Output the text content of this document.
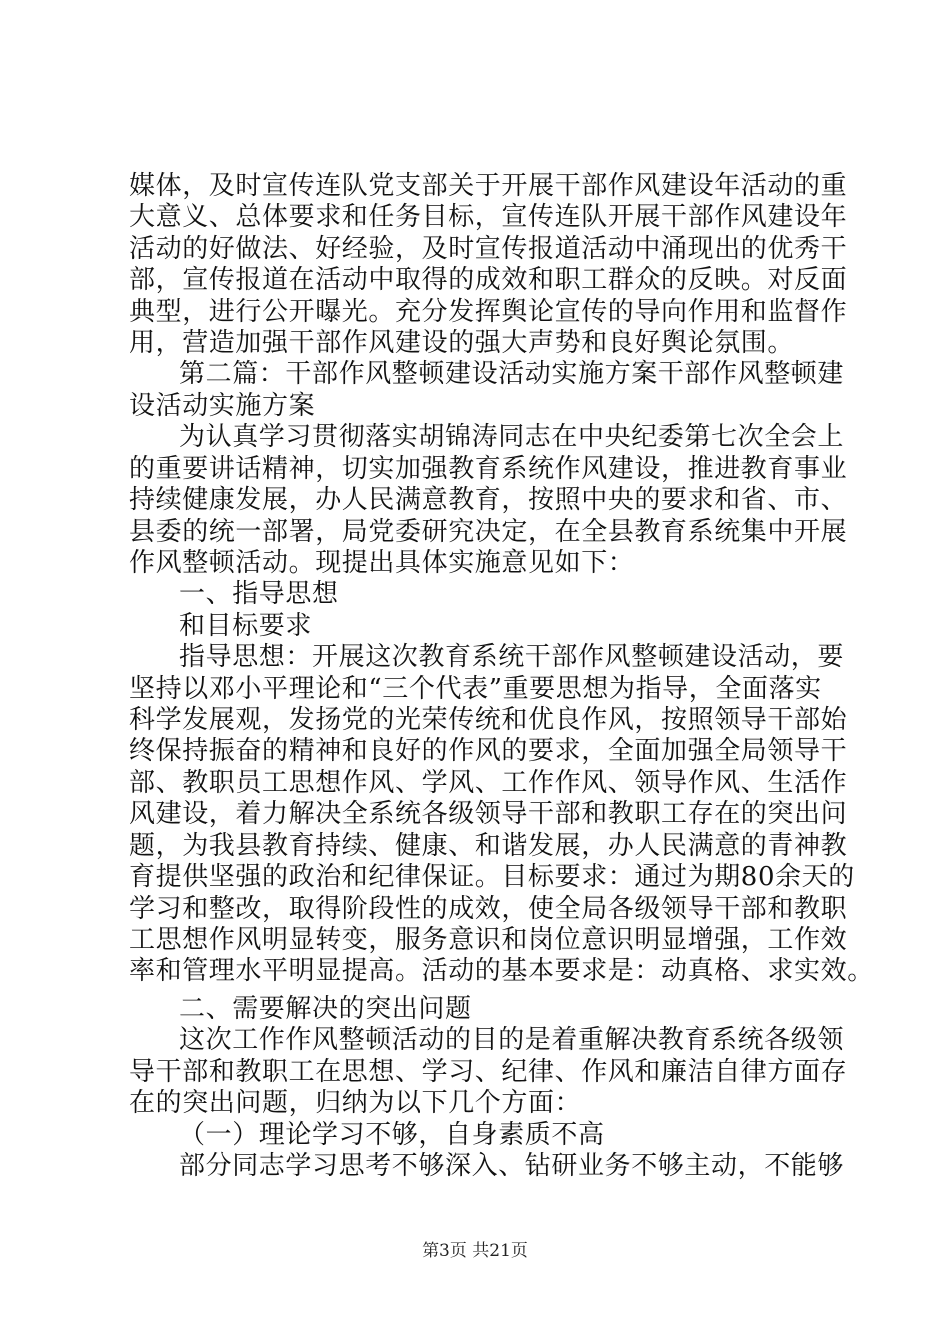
媒体，及时宣传连队党支部关于开展干部作风建设年活动的重
大意义、总体要求和任务目标，宣传连队开展干部作风建设年
活动的好做法、好经验，及时宣传报道活动中涌现出的优秀干
部，宣传报道在活动中取得的成效和职工群众的反映。对反面
典型，进行公开曝光。充分发挥舆论宣传的导向作用和监督作
用，营造加强干部作风建设的强大声势和良好舆论氛围。
第二篇：干部作风整顿建设活动实施方案干部作风整顿建
设活动实施方案
为认真学习贯彻落实胡锦涛同志在中央纪委第七次全会上
的重要讲话精神，切实加强教育系统作风建设，推进教育事业
持续健康发展，办人民满意教育，按照中央的要求和省、市、
县委的统一部署，局党委研究决定，在全县教育系统集中开展
作风整顿活动。现提出具体实施意见如下：
一、指导思想
和目标要求
指导思想：开展这次教育系统干部作风整顿建设活动，要
坚持以邓小平理论和“三个代表”重要思想为指导，全面落实
科学发展观，发扬党的光荣传统和优良作风，按照领导干部始
终保持振奋的精神和良好的作风的要求，全面加强全局领导干
部、教职员工思想作风、学风、工作作风、领导作风、生活作
风建设，着力解决全系统各级领导干部和教职工存在的突出问
题，为我县教育持续、健康、和谐发展，办人民满意的青神教
育提供坚强的政治和纪律保证。目标要求：通过为期80余天的
学习和整改，取得阶段性的成效，使全局各级领导干部和教职
工思想作风明显转变，服务意识和岗位意识明显增强，工作效
率和管理水平明显提高。活动的基本要求是：动真格、求实效。
二、需要解决的突出问题
这次工作作风整顿活动的目的是着重解决教育系统各级领
导干部和教职工在思想、学习、纪律、作风和廉洁自律方面存
在的突出问题，归纳为以下几个方面：
（一）理论学习不够，自身素质不高
部分同志学习思考不够深入、钻研业务不够主动，不能够
第3页 共21页
